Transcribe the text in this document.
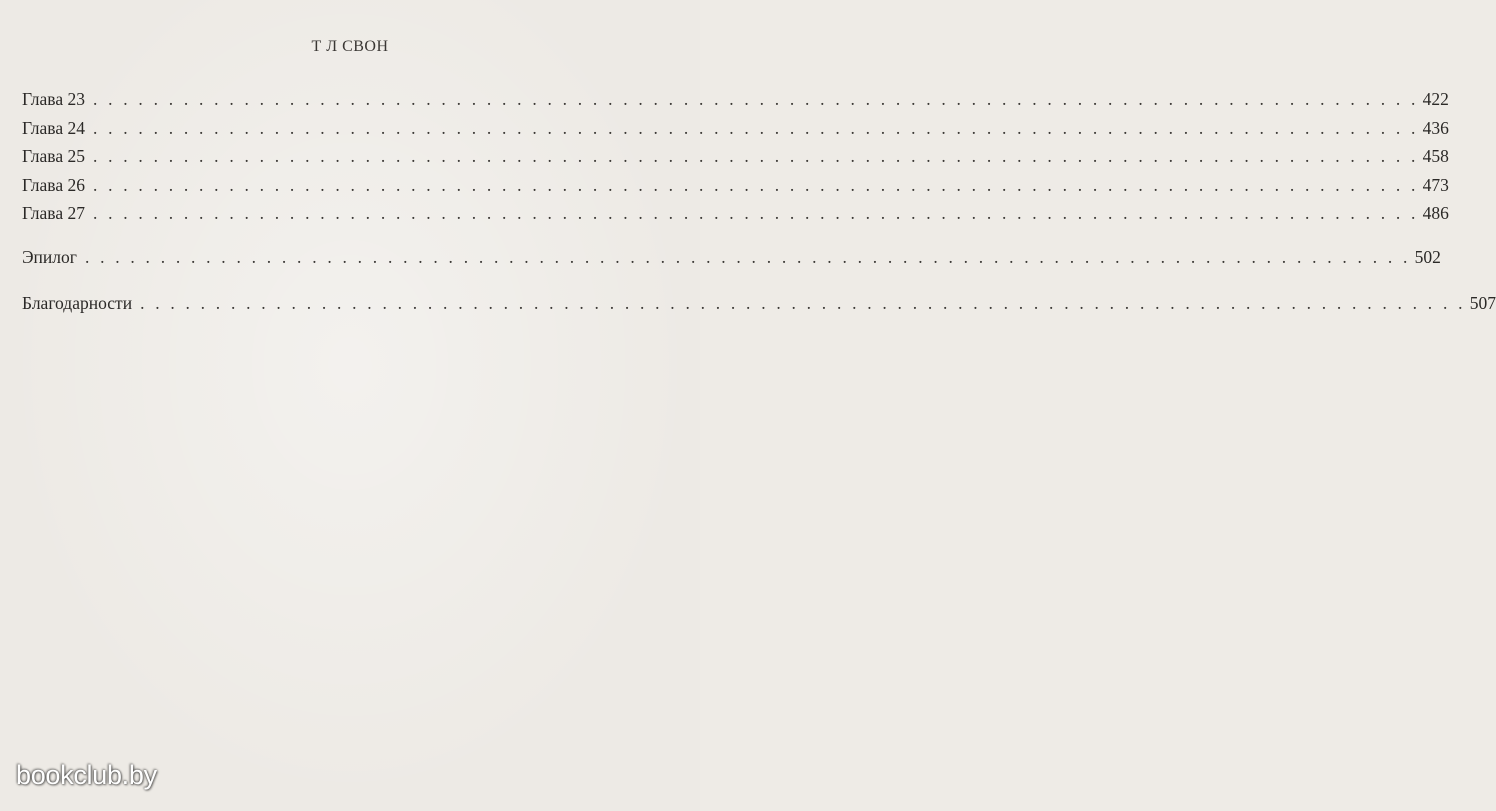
Т Л СВОН
Глава 23 . . . . . . . . . . . . . . . . . . . . . . . . . . . . . . . . . . . . . . . . . . . . . . . . . . . . . . . . . . . . . . . . . . . . . . . . . . . . . . . . . . . . . . . . 422
Глава 24 . . . . . . . . . . . . . . . . . . . . . . . . . . . . . . . . . . . . . . . . . . . . . . . . . . . . . . . . . . . . . . . . . . . . . . . . . . . . . . . . . . . . . . . . 436
Глава 25 . . . . . . . . . . . . . . . . . . . . . . . . . . . . . . . . . . . . . . . . . . . . . . . . . . . . . . . . . . . . . . . . . . . . . . . . . . . . . . . . . . . . . . . . 458
Глава 26 . . . . . . . . . . . . . . . . . . . . . . . . . . . . . . . . . . . . . . . . . . . . . . . . . . . . . . . . . . . . . . . . . . . . . . . . . . . . . . . . . . . . . . . . 473
Глава 27 . . . . . . . . . . . . . . . . . . . . . . . . . . . . . . . . . . . . . . . . . . . . . . . . . . . . . . . . . . . . . . . . . . . . . . . . . . . . . . . . . . . . . . . . 486
Эпилог . . . . . . . . . . . . . . . . . . . . . . . . . . . . . . . . . . . . . . . . . . . . . . . . . . . . . . . . . . . . . . . . . . . . . . . . . . . . . . . . . . . . . . . . 502
Благодарности . . . . . . . . . . . . . . . . . . . . . . . . . . . . . . . . . . . . . . . . . . . . . . . . . . . . . . . . . . . . . . . . . . . . . . . . . . . . . . . . . . . . . . . . 507
bookclub.by
